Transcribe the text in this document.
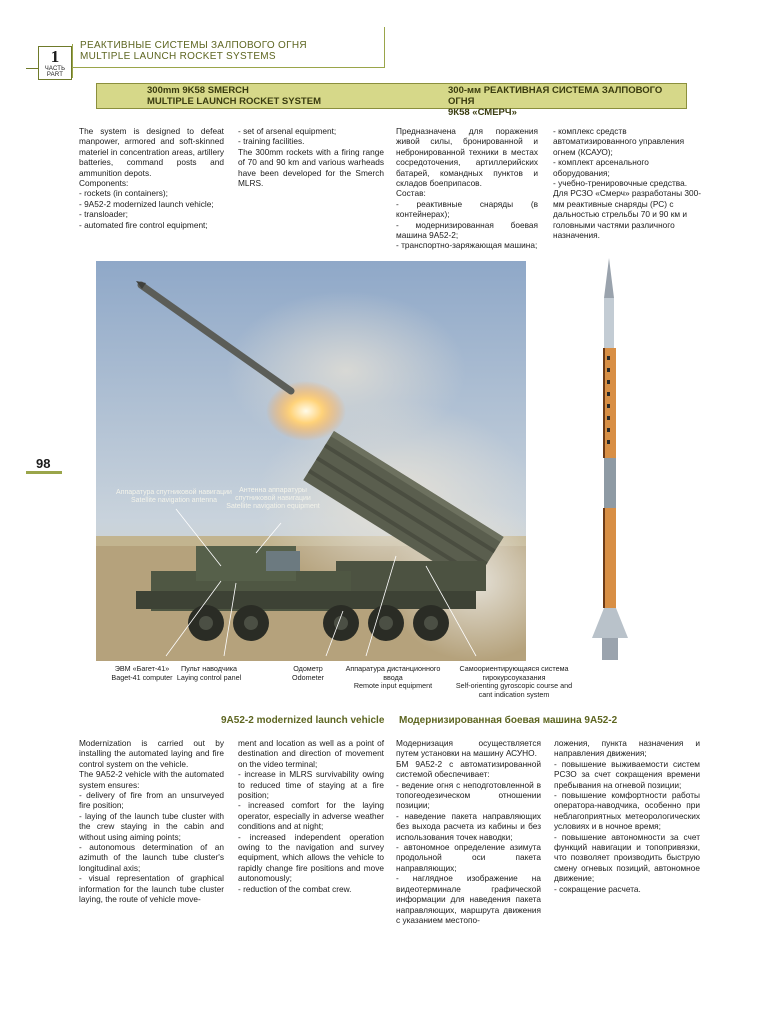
1
ЧАСТЬ
PART
РЕАКТИВНЫЕ СИСТЕМЫ ЗАЛПОВОГО ОГНЯ
MULTIPLE LAUNCH ROCKET SYSTEMS
300mm 9K58 SMERCH
MULTIPLE LAUNCH ROCKET SYSTEM
300-мм РЕАКТИВНАЯ СИСТЕМА ЗАЛПОВОГО ОГНЯ
9К58 «СМЕРЧ»

The system is designed to defeat manpower, armored and soft-skinned materiel in concentration areas, artillery batteries, command posts and ammunition depots.

Components:

- rockets (in containers);

- 9A52-2 modernized launch vehicle;

- transloader;

- automated fire control equipment;

- set of arsenal equipment;

- training facilities.

The 300mm rockets with a firing range of 70 and 90 km and various warheads have been developed for the Smerch MLRS.

Предназначена для поражения живой силы, бронированной и небронированной техники в местах сосредоточения, артиллерийских батарей, командных пунктов и складов боеприпасов.

Состав:

- реактивные снаряды (в контейнерах);

- модернизированная боевая машина 9А52-2;

- транспортно-заряжающая машина;

- комплекс средств автоматизированного управления огнем (КСАУО);

- комплект арсенального оборудования;

- учебно-тренировочные средства.

Для РСЗО «Смерч» разработаны 300-мм реактивные снаряды (РС) с дальностью стрельбы 70 и 90 км и головными частями различного назначения.

98
Аппаратура спутниковой навигации
Satellite navigation antenna
Антенна аппаратуры спутниковой навигации
Satellite navigation equipment
ЭВМ «Багет-41»
Baget-41 computer
Пульт наводчика
Laying control panel
Одометр
Odometer
Аппаратура дистанционного ввода
Remote input equipment
Самоориентирующаяся система гирокурсоуказания
Self-orienting gyroscopic course and cant indication system
9A52-2 modernized launch vehicle Модернизированная боевая машина 9А52-2

Modernization is carried out by installing the automated laying and fire control system on the vehicle.

The 9A52-2 vehicle with the automated system ensures:

- delivery of fire from an unsurveyed fire position;

- laying of the launch tube cluster with the crew staying in the cabin and without using aiming points;

- autonomous determination of an azimuth of the launch tube cluster's longitudinal axis;

- visual representation of graphical information for the launch tube cluster laying, the route of vehicle move-

ment and location as well as a point of destination and direction of movement on the video terminal;

- increase in MLRS survivability owing to reduced time of staying at a fire position;

- increased comfort for the laying operator, especially in adverse weather conditions and at night;

- increased independent operation owing to the navigation and survey equipment, which allows the vehicle to rapidly change fire positions and move autonomously;

- reduction of the combat crew.

Модернизация осуществляется путем установки на машину АСУНО.

БМ 9А52-2 с автоматизированной системой обеспечивает:

- ведение огня с неподготовленной в топогеодезическом отношении позиции;

- наведение пакета направляющих без выхода расчета из кабины и без использования точек наводки;

- автономное определение азимута продольной оси пакета направляющих;

- наглядное изображение на видеотерминале графической информации для наведения пакета направляющих, маршрута движения с указанием местопо-

ложения, пункта назначения и направления движения;

- повышение выживаемости систем РСЗО за счет сокращения времени пребывания на огневой позиции;

- повышение комфортности работы оператора-наводчика, особенно при неблагоприятных метеорологических условиях и в ночное время;

- повышение автономности за счет функций навигации и топопривязки, что позволяет производить быструю смену огневых позиций, автономное движение;

- сокращение расчета.
